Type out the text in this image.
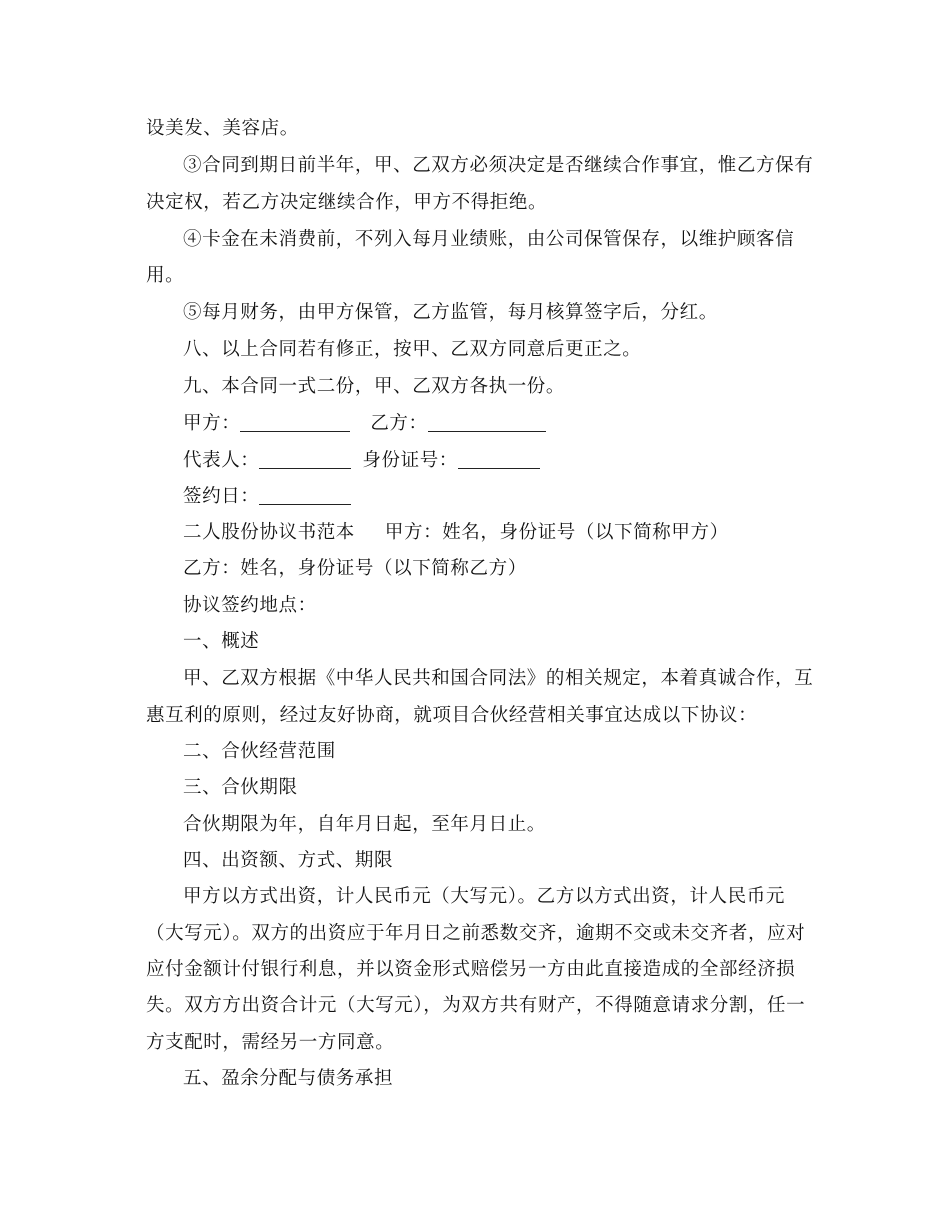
设美发、美容店。
③合同到期日前半年，甲、乙双方必须决定是否继续合作事宜，惟乙方保有
决定权，若乙方决定继续合作，甲方不得拒绝。
④卡金在未消费前，不列入每月业绩账，由公司保管保存，以维护顾客信
用。
⑤每月财务，由甲方保管，乙方监管，每月核算签字后，分红。
八、以上合同若有修正，按甲、乙双方同意后更正之。
九、本合同一式二份，甲、乙双方各执一份。
甲方：	乙方：
代表人：	身份证号：
签约日：
二人股份协议书范本 甲方：姓名，身份证号（以下简称甲方）
乙方：姓名，身份证号（以下简称乙方）
协议签约地点：
一、概述
甲、乙双方根据《中华人民共和国合同法》的相关规定，本着真诚合作，互
惠互利的原则，经过友好协商，就项目合伙经营相关事宜达成以下协议：
二、合伙经营范围
三、合伙期限
合伙期限为年，自年月日起，至年月日止。
四、出资额、方式、期限
甲方以方式出资，计人民币元（大写元）。乙方以方式出资，计人民币元
（大写元）。双方的出资应于年月日之前悉数交齐，逾期不交或未交齐者，应对
应付金额计付银行利息，并以资金形式赔偿另一方由此直接造成的全部经济损
失。双方方出资合计元（大写元），为双方共有财产，不得随意请求分割，任一
方支配时，需经另一方同意。
五、盈余分配与债务承担
